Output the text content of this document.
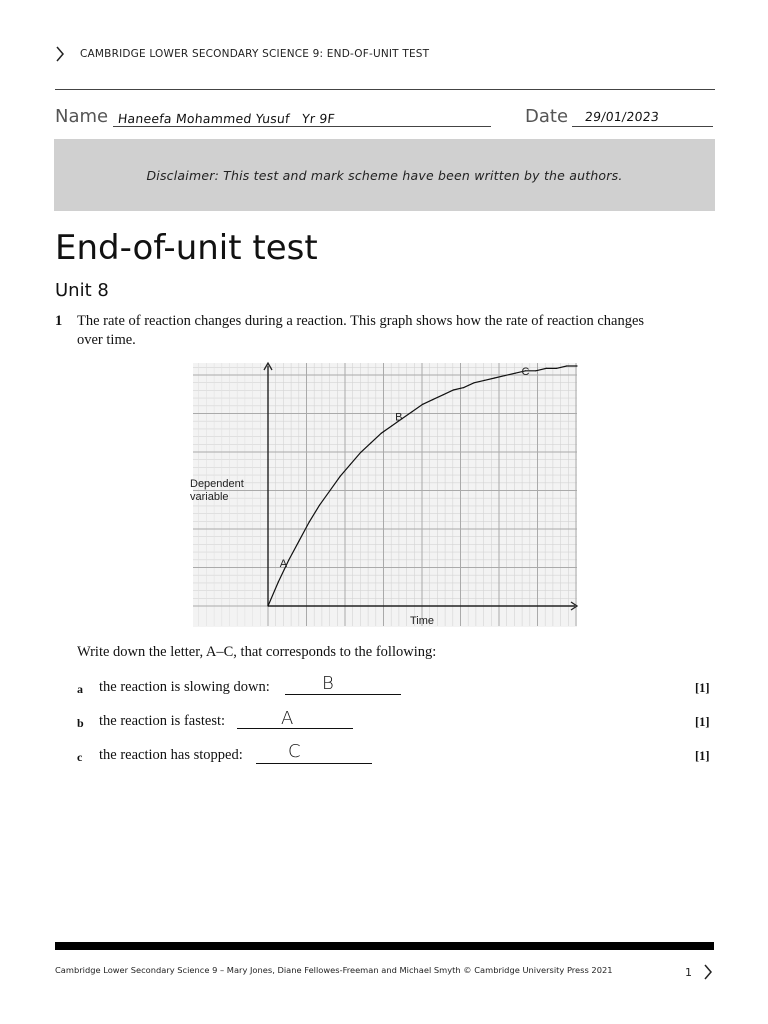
CAMBRIDGE LOWER SECONDARY SCIENCE 9: END-OF-UNIT TEST
Name Haneefa Mohammed Yusuf Yr 9F	Date 29/01/2023
Disclaimer: This test and mark scheme have been written by the authors.
End-of-unit test
Unit 8
1 The rate of reaction changes during a reaction. This graph shows how the rate of reaction changes over time.
A
B
C
Time
Dependent
variable
Write down the letter, A–C, that corresponds to the following:
a the reaction is slowing down:	B	[1]
b the reaction is fastest:	A	[1]
c the reaction has stopped:	C	[1]
Cambridge Lower Secondary Science 9 – Mary Jones, Diane Fellowes-Freeman and Michael Smyth © Cambridge University Press 2021	1
